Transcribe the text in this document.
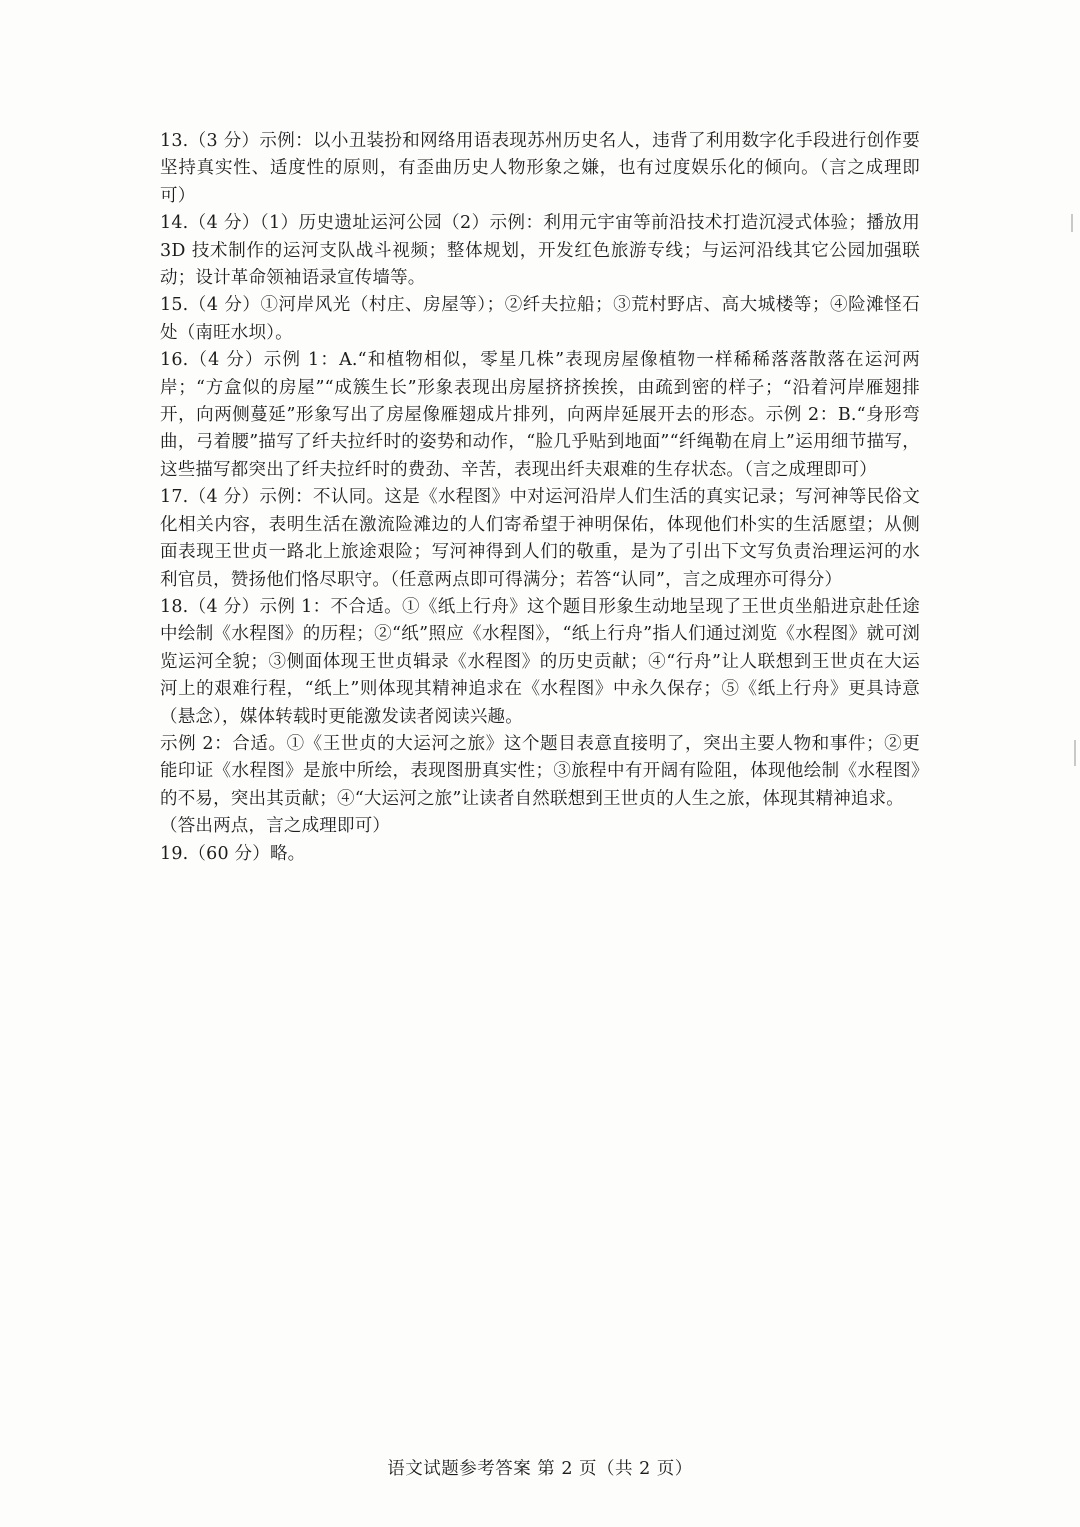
13.（3 分）示例：以小丑装扮和网络用语表现苏州历史名人，违背了利用数字化手段进行创作要坚持真实性、适度性的原则，有歪曲历史人物形象之嫌，也有过度娱乐化的倾向。（言之成理即可）

14.（4 分）（1）历史遗址运河公园（2）示例：利用元宇宙等前沿技术打造沉浸式体验；播放用 3D 技术制作的运河支队战斗视频；整体规划，开发红色旅游专线；与运河沿线其它公园加强联动；设计革命领袖语录宣传墙等。

15.（4 分）①河岸风光（村庄、房屋等）；②纤夫拉船；③荒村野店、高大城楼等；④险滩怪石处（南旺水坝）。

16.（4 分）示例 1：A.“和植物相似，零星几株”表现房屋像植物一样稀稀落落散落在运河两岸；“方盒似的房屋”“成簇生长”形象表现出房屋挤挤挨挨，由疏到密的样子；“沿着河岸雁翅排开，向两侧蔓延”形象写出了房屋像雁翅成片排列，向两岸延展开去的形态。示例 2：B.“身形弯曲，弓着腰”描写了纤夫拉纤时的姿势和动作，“脸几乎贴到地面”“纤绳勒在肩上”运用细节描写，这些描写都突出了纤夫拉纤时的费劲、辛苦，表现出纤夫艰难的生存状态。（言之成理即可）

17.（4 分）示例：不认同。这是《水程图》中对运河沿岸人们生活的真实记录；写河神等民俗文化相关内容，表明生活在激流险滩边的人们寄希望于神明保佑，体现他们朴实的生活愿望；从侧面表现王世贞一路北上旅途艰险；写河神得到人们的敬重，是为了引出下文写负责治理运河的水利官员，赞扬他们恪尽职守。（任意两点即可得满分；若答“认同”，言之成理亦可得分）

18.（4 分）示例 1：不合适。①《纸上行舟》这个题目形象生动地呈现了王世贞坐船进京赴任途中绘制《水程图》的历程；②“纸”照应《水程图》，“纸上行舟”指人们通过浏览《水程图》就可浏览运河全貌；③侧面体现王世贞辑录《水程图》的历史贡献；④“行舟”让人联想到王世贞在大运河上的艰难行程，“纸上”则体现其精神追求在《水程图》中永久保存；⑤《纸上行舟》更具诗意（悬念），媒体转载时更能激发读者阅读兴趣。

示例 2：合适。①《王世贞的大运河之旅》这个题目表意直接明了，突出主要人物和事件；②更能印证《水程图》是旅中所绘，表现图册真实性；③旅程中有开阔有险阻，体现他绘制《水程图》的不易，突出其贡献；④“大运河之旅”让读者自然联想到王世贞的人生之旅，体现其精神追求。

（答出两点，言之成理即可）

19.（60 分）略。

语文试题参考答案 第 2 页（共 2 页）
